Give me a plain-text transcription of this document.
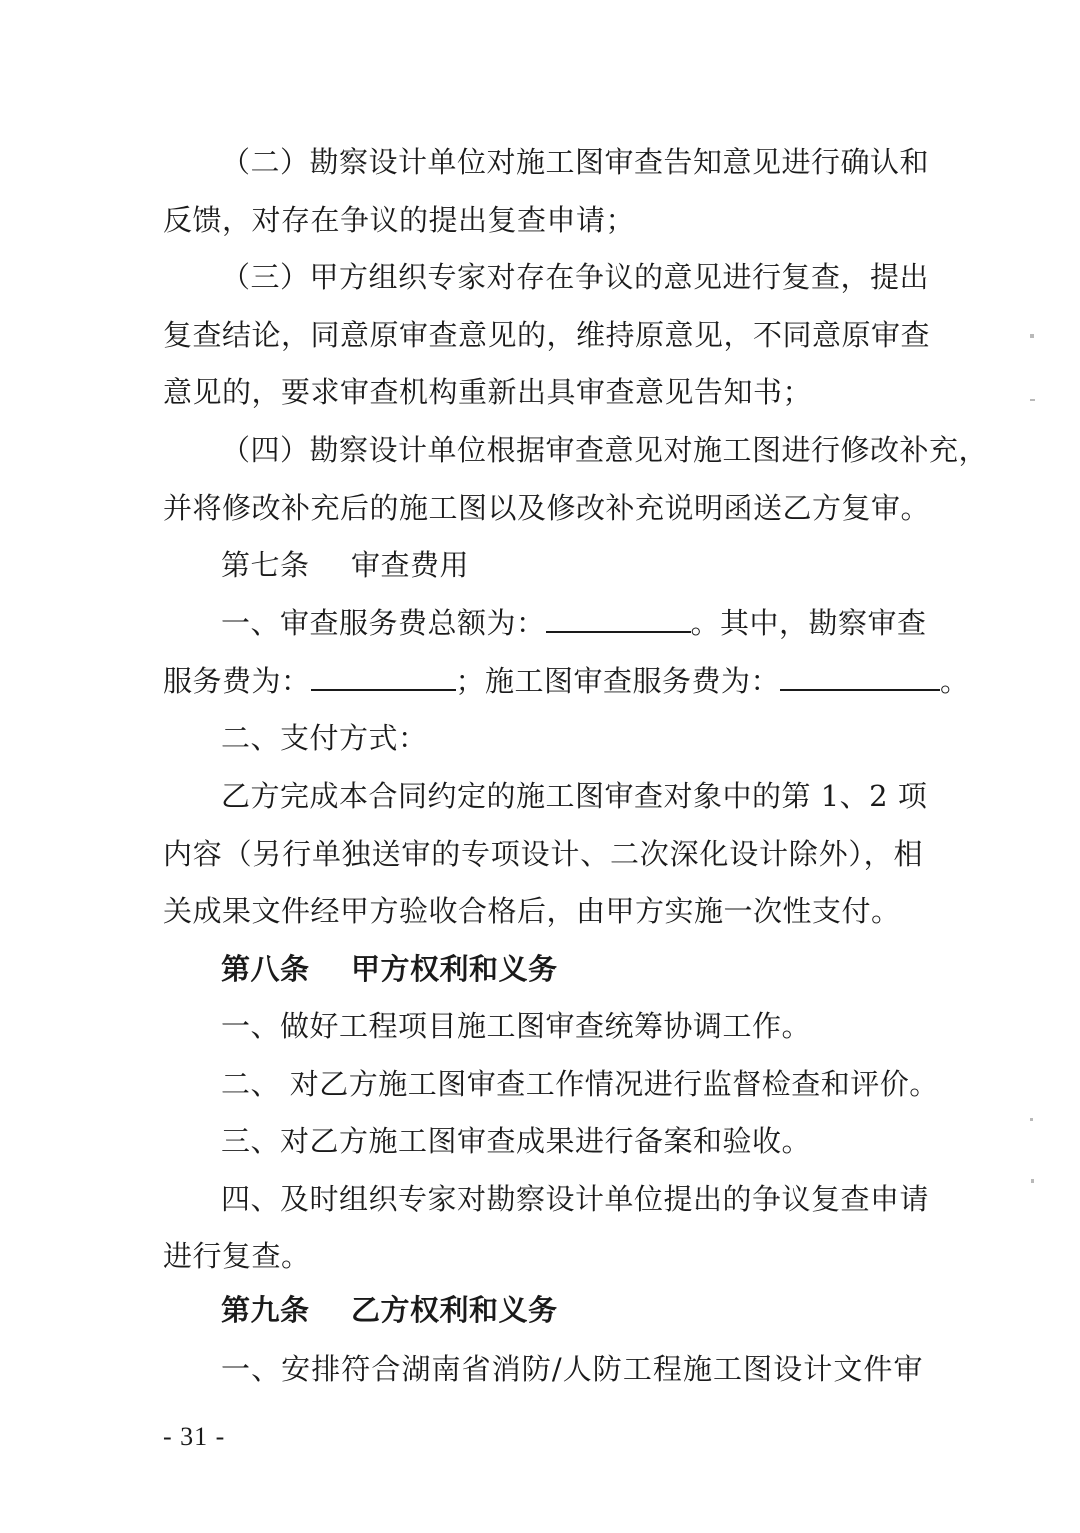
（二）勘察设计单位对施工图审查告知意见进行确认和
反馈，对存在争议的提出复查申请；
（三）甲方组织专家对存在争议的意见进行复查，提出
复查结论，同意原审查意见的，维持原意见，不同意原审查
意见的，要求审查机构重新出具审查意见告知书；
（四）勘察设计单位根据审查意见对施工图进行修改补充，
并将修改补充后的施工图以及修改补充说明函送乙方复审。
第七条 审查费用
一、审查服务费总额为：	。其中，勘察审查
服务费为：	；施工图审查服务费为：	。
二、支付方式：
乙方完成本合同约定的施工图审查对象中的第 1、2 项
内容（另行单独送审的专项设计、二次深化设计除外），相
关成果文件经甲方验收合格后，由甲方实施一次性支付。
第八条 甲方权利和义务
一、做好工程项目施工图审查统筹协调工作。
二、 对乙方施工图审查工作情况进行监督检查和评价。
三、对乙方施工图审查成果进行备案和验收。
四、及时组织专家对勘察设计单位提出的争议复查申请
进行复查。
第九条 乙方权利和义务
一、安排符合湖南省消防/人防工程施工图设计文件审
- 31 -
